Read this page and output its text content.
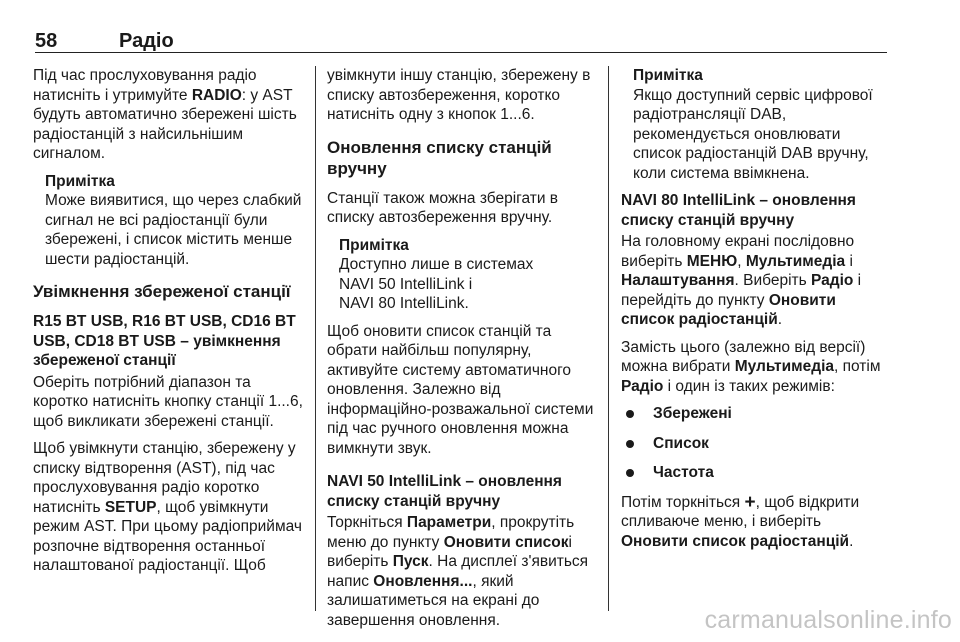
58	Радіо

Під час прослуховування радіо натисніть і утримуйте RADIO: у AST будуть автоматично збережені шість радіостанцій з найсильнішим сигналом.

Примітка
Може виявитися, що через слабкий сигнал не всі радіостанції були збережені, і список містить менше шести радіостанцій.
Увімкнення збереженої станції
R15 BT USB, R16 BT USB, CD16 BT USB, CD18 BT USB – увімкнення збереженої станції

Оберіть потрібний діапазон та коротко натисніть кнопку станції 1...6, щоб викликати збережені станції.

Щоб увімкнути станцію, збережену у списку відтворення (AST), під час прослуховування радіо коротко натисніть SETUP, щоб увімкнути режим AST. При цьому радіоприймач розпочне відтворення останньої налаштованої радіостанції. Щоб

увімкнути іншу станцію, збережену в списку автозбереження, коротко натисніть одну з кнопок 1...6.

Оновлення списку станцій вручну

Станції також можна зберігати в списку автозбереження вручну.

Примітка
Доступно лише в системах
NAVI 50 IntelliLink і
NAVI 80 IntelliLink.

Щоб оновити список станцій та обрати найбільш популярну, активуйте систему автоматичного оновлення. Залежно від інформаційно-розважальної системи під час ручного оновлення можна вимкнути звук.

NAVI 50 IntelliLink – оновлення списку станцій вручну

Торкніться Параметри, прокрутіть меню до пункту Оновити списокі виберіть Пуск. На дисплеї з'явиться напис Оновлення..., який залишатиметься на екрані до завершення оновлення.

Примітка
Якщо доступний сервіс цифрової радіотрансляції DAB, рекомендується оновлювати список радіостанцій DAB вручну, коли система ввімкнена.
NAVI 80 IntelliLink – оновлення списку станцій вручну

На головному екрані послідовно виберіть МЕНЮ, Мультимедіа і Налаштування. Виберіть Радіо і перейдіть до пункту Оновити список радіостанцій.

Замість цього (залежно від версії) можна вибрати Мультимедіа, потім Радіо і один із таких режимів:

Збережені
Список
Частота

Потім торкніться +, щоб відкрити спливаюче меню, і виберіть Оновити список радіостанцій.

carmanualsonline.info
